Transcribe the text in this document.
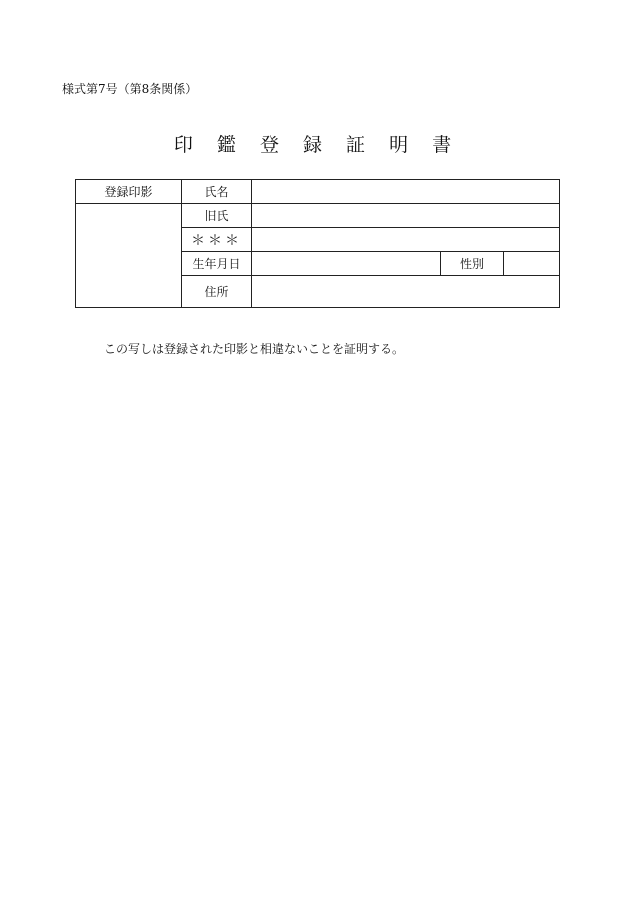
様式第7号（第8条関係）
印 鑑 登 録 証 明 書
登録印影	氏名			
	旧氏			
	＊＊＊			
	生年月日		性別	
	住所			
この写しは登録された印影と相違ないことを証明する。
